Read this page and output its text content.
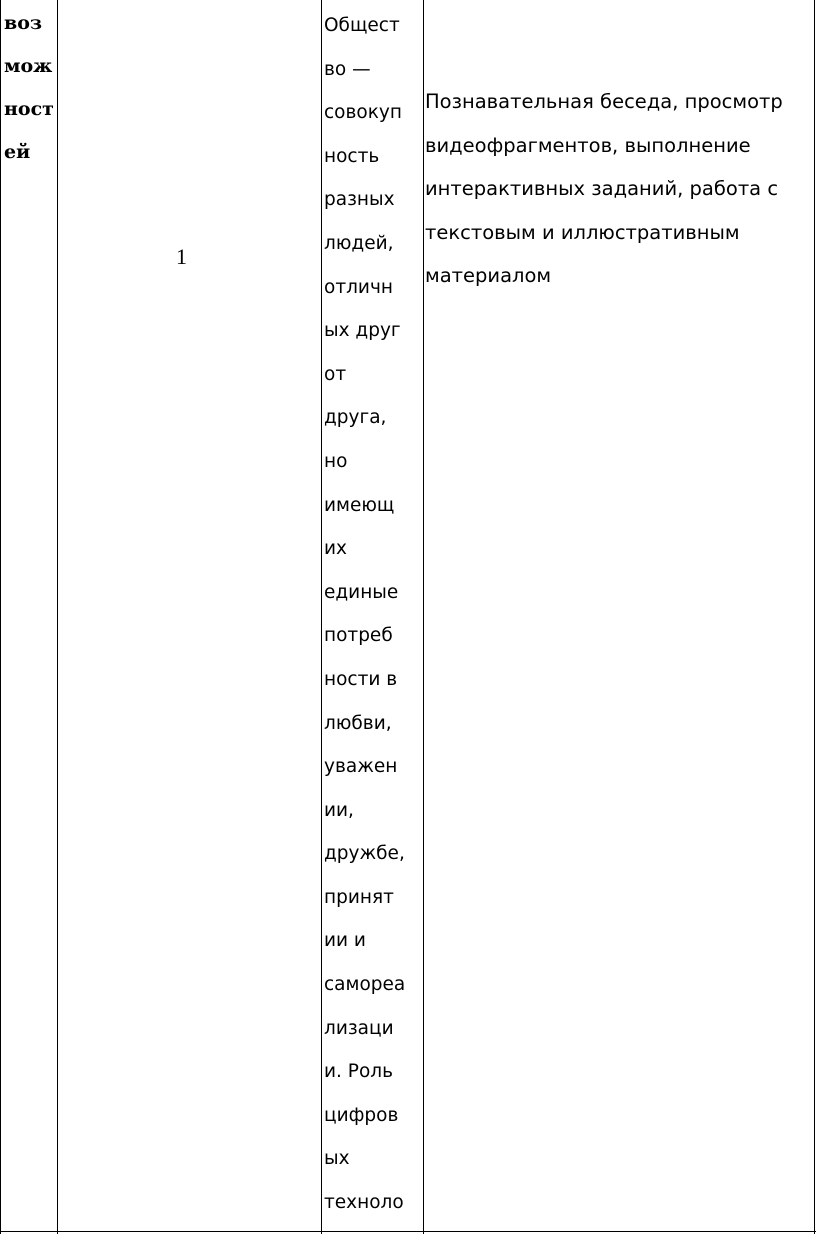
воз
мож
ност
ей
1
Общест
во —
совокуп
ность
разных
людей,
отличн
ых друг
от
друга,
но
имеющ
их
единые
потреб
ности в
любви,
уважен
ии,
дружбе,
принят
ии и
самореа
лизаци
и. Роль
цифров
ых
техноло
Познавательная беседа, просмотр
видеофрагментов, выполнение
интерактивных заданий, работа с
текстовым и иллюстративным
материалом
